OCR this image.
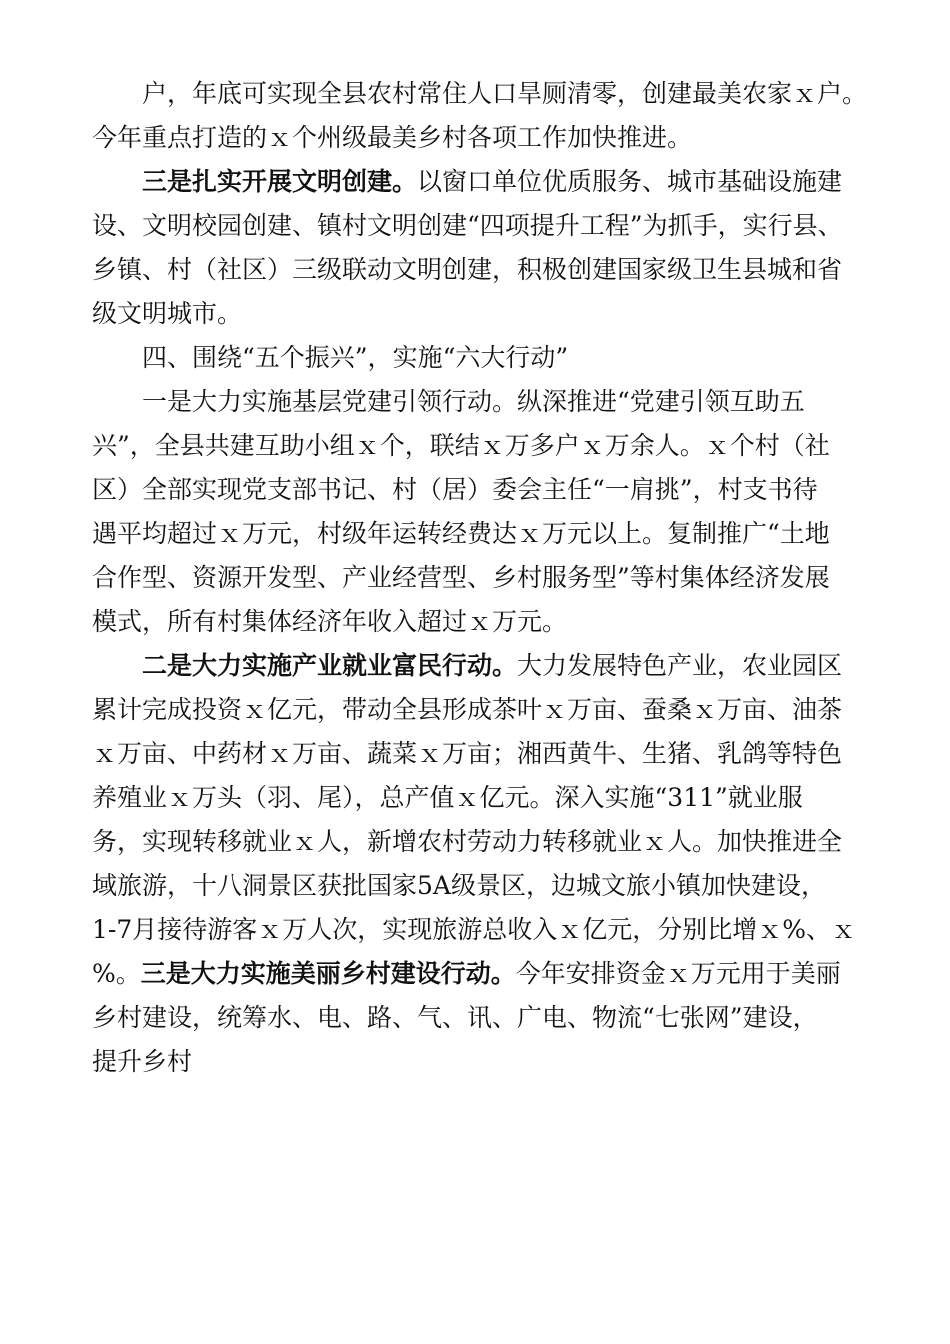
　　户，年底可实现全县农村常住人口旱厕清零，创建最美农家ｘ户。

今年重点打造的ｘ个州级最美乡村各项工作加快推进。

　　三是扎实开展文明创建。以窗口单位优质服务、城市基础设施建

设、文明校园创建、镇村文明创建“四项提升工程”为抓手，实行县、

乡镇、村（社区）三级联动文明创建，积极创建国家级卫生县城和省

级文明城市。

　　四、围绕“五个振兴”，实施“六大行动”

　　一是大力实施基层党建引领行动。纵深推进“党建引领互助五

兴”，全县共建互助小组ｘ个，联结ｘ万多户ｘ万余人。ｘ个村（社

区）全部实现党支部书记、村（居）委会主任“一肩挑”，村支书待

遇平均超过ｘ万元，村级年运转经费达ｘ万元以上。复制推广“土地

合作型、资源开发型、产业经营型、乡村服务型”等村集体经济发展

模式，所有村集体经济年收入超过ｘ万元。

　　二是大力实施产业就业富民行动。大力发展特色产业，农业园区

累计完成投资ｘ亿元，带动全县形成茶叶ｘ万亩、蚕桑ｘ万亩、油茶

ｘ万亩、中药材ｘ万亩、蔬菜ｘ万亩；湘西黄牛、生猪、乳鸽等特色

养殖业ｘ万头（羽、尾），总产值ｘ亿元。深入实施“311”就业服

务，实现转移就业ｘ人，新增农村劳动力转移就业ｘ人。加快推进全

域旅游，十八洞景区获批国家5A级景区，边城文旅小镇加快建设，

1-7月接待游客ｘ万人次，实现旅游总收入ｘ亿元，分别比增ｘ%、ｘ

%。三是大力实施美丽乡村建设行动。今年安排资金ｘ万元用于美丽

乡村建设，统筹水、电、路、气、讯、广电、物流“七张网”建设，

提升乡村
